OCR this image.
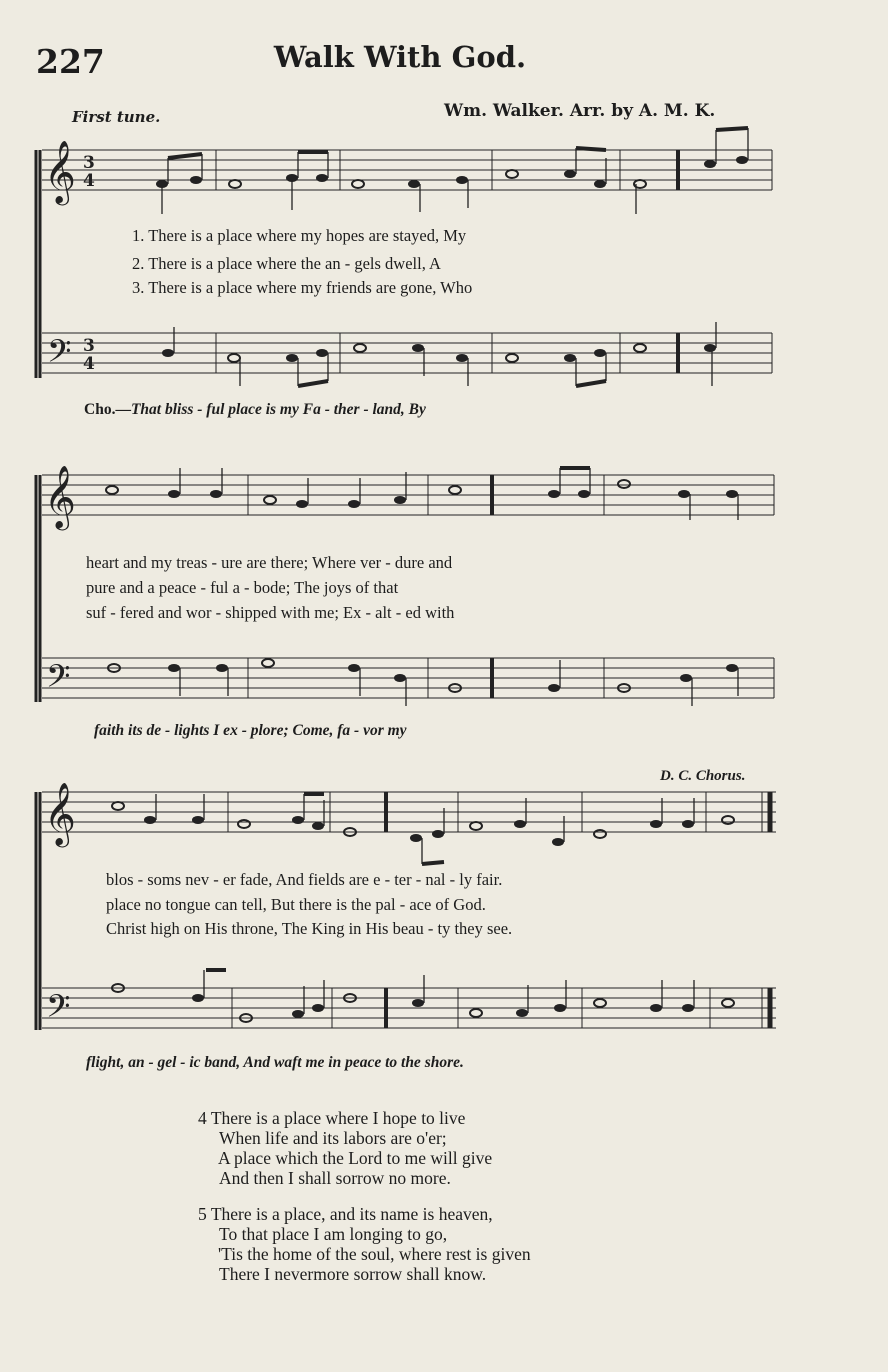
227	Walk With God.
First tune.	Wm. Walker. Arr. by A. M. K.
𝄞
𝄢
3
4
3
4
𝄞
𝄢
𝄞
𝄢
1. There is a place where my hopes are stayed, My
2. There is a place where the an - gels dwell, A
3. There is a place where my friends are gone, Who
Cho.—That bliss - ful place is my Fa - ther - land, By
heart and my treas - ure are there; Where ver - dure and
pure and a peace - ful a - bode; The joys of that
suf - fered and wor - shipped with me; Ex - alt - ed with
faith its de - lights I ex - plore; Come, fa - vor my
D. C. Chorus.
blos - soms nev - er fade, And fields are e - ter - nal - ly fair.
place no tongue can tell, But there is the pal - ace of God.
Christ high on His throne, The King in His beau - ty they see.
flight, an - gel - ic band, And waft me in peace to the shore.

4 There is a place where I hope to live

When life and its labors are o'er;

A place which the Lord to me will give

And then I shall sorrow no more.

5 There is a place, and its name is heaven,

To that place I am longing to go,

'Tis the home of the soul, where rest is given

There I nevermore sorrow shall know.
